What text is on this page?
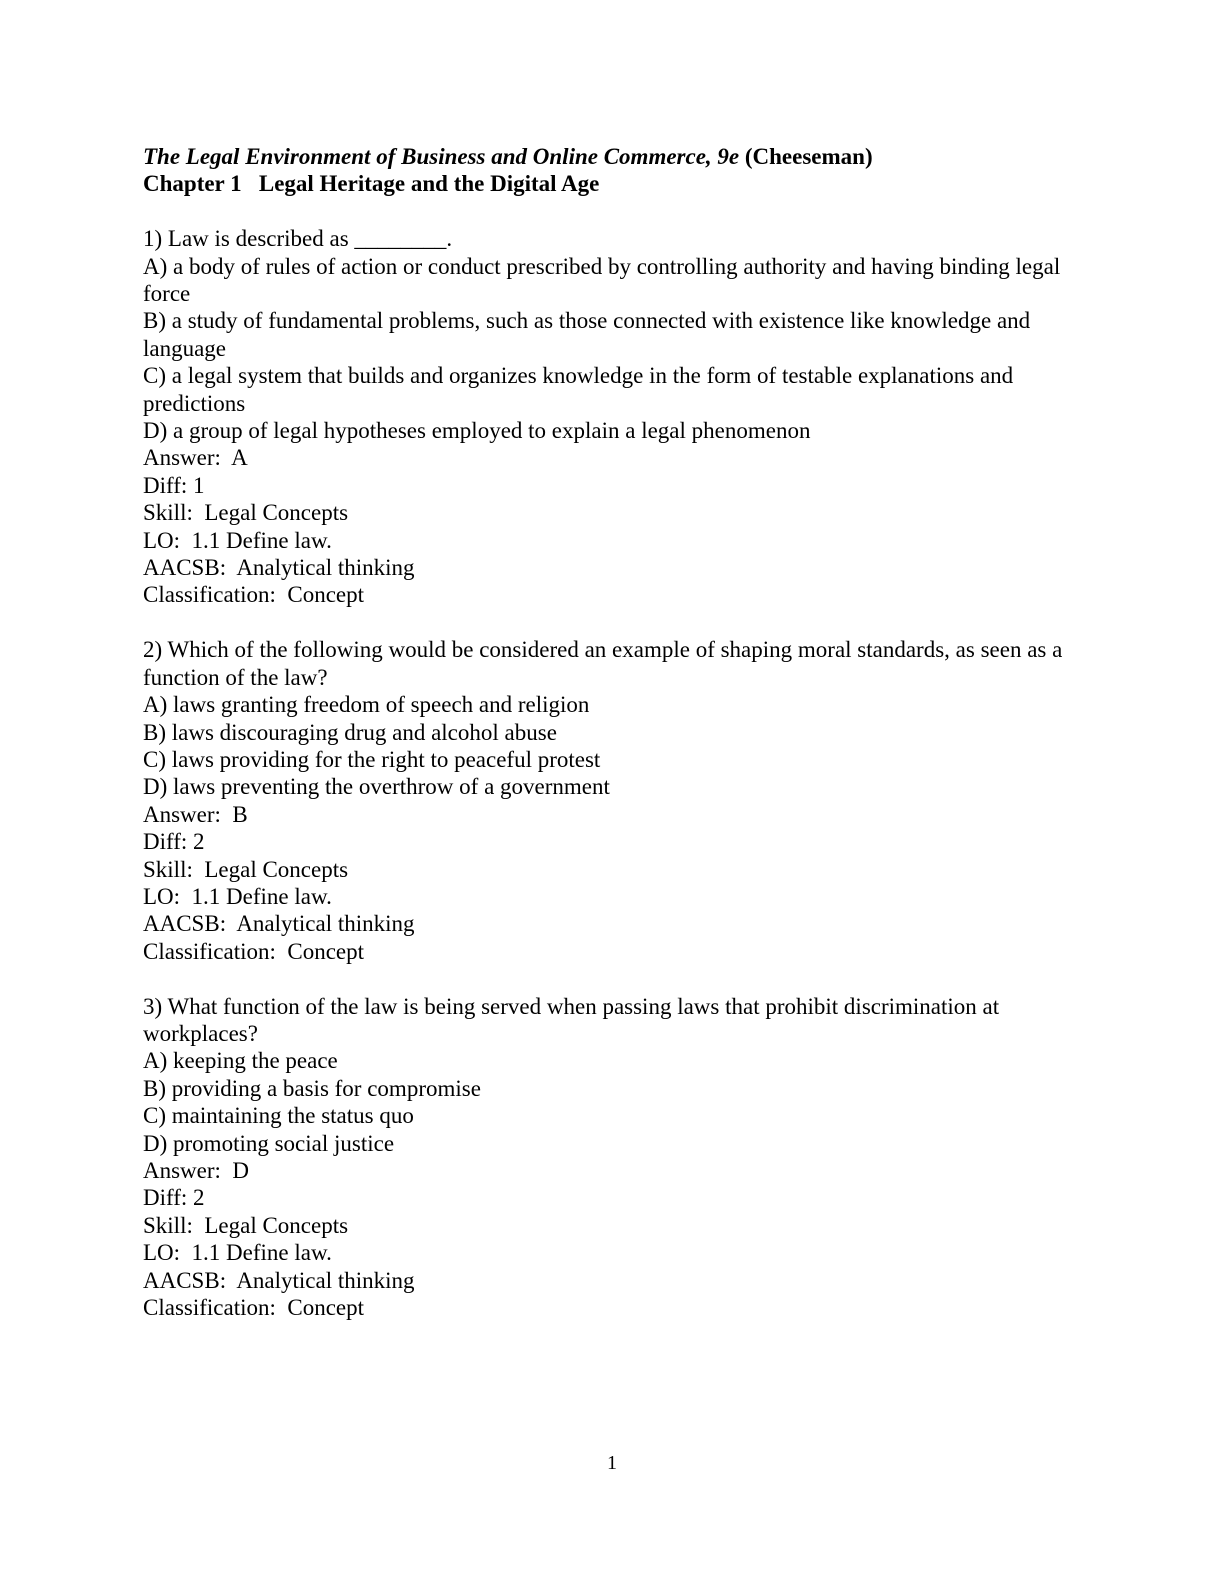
The Legal Environment of Business and Online Commerce, 9e (Cheeseman)

Chapter 1   Legal Heritage and the Digital Age

1) Law is described as ________.

A) a body of rules of action or conduct prescribed by controlling authority and having binding legal force

B) a study of fundamental problems, such as those connected with existence like knowledge and language

C) a legal system that builds and organizes knowledge in the form of testable explanations and predictions

D) a group of legal hypotheses employed to explain a legal phenomenon

Answer:  A

Diff: 1

Skill:  Legal Concepts

LO:  1.1 Define law.

AACSB:  Analytical thinking

Classification:  Concept

2) Which of the following would be considered an example of shaping moral standards, as seen as a function of the law?

A) laws granting freedom of speech and religion

B) laws discouraging drug and alcohol abuse

C) laws providing for the right to peaceful protest

D) laws preventing the overthrow of a government

Answer:  B

Diff: 2

Skill:  Legal Concepts

LO:  1.1 Define law.

AACSB:  Analytical thinking

Classification:  Concept

3) What function of the law is being served when passing laws that prohibit discrimination at workplaces?

A) keeping the peace

B) providing a basis for compromise

C) maintaining the status quo

D) promoting social justice

Answer:  D

Diff: 2

Skill:  Legal Concepts

LO:  1.1 Define law.

AACSB:  Analytical thinking

Classification:  Concept

1
